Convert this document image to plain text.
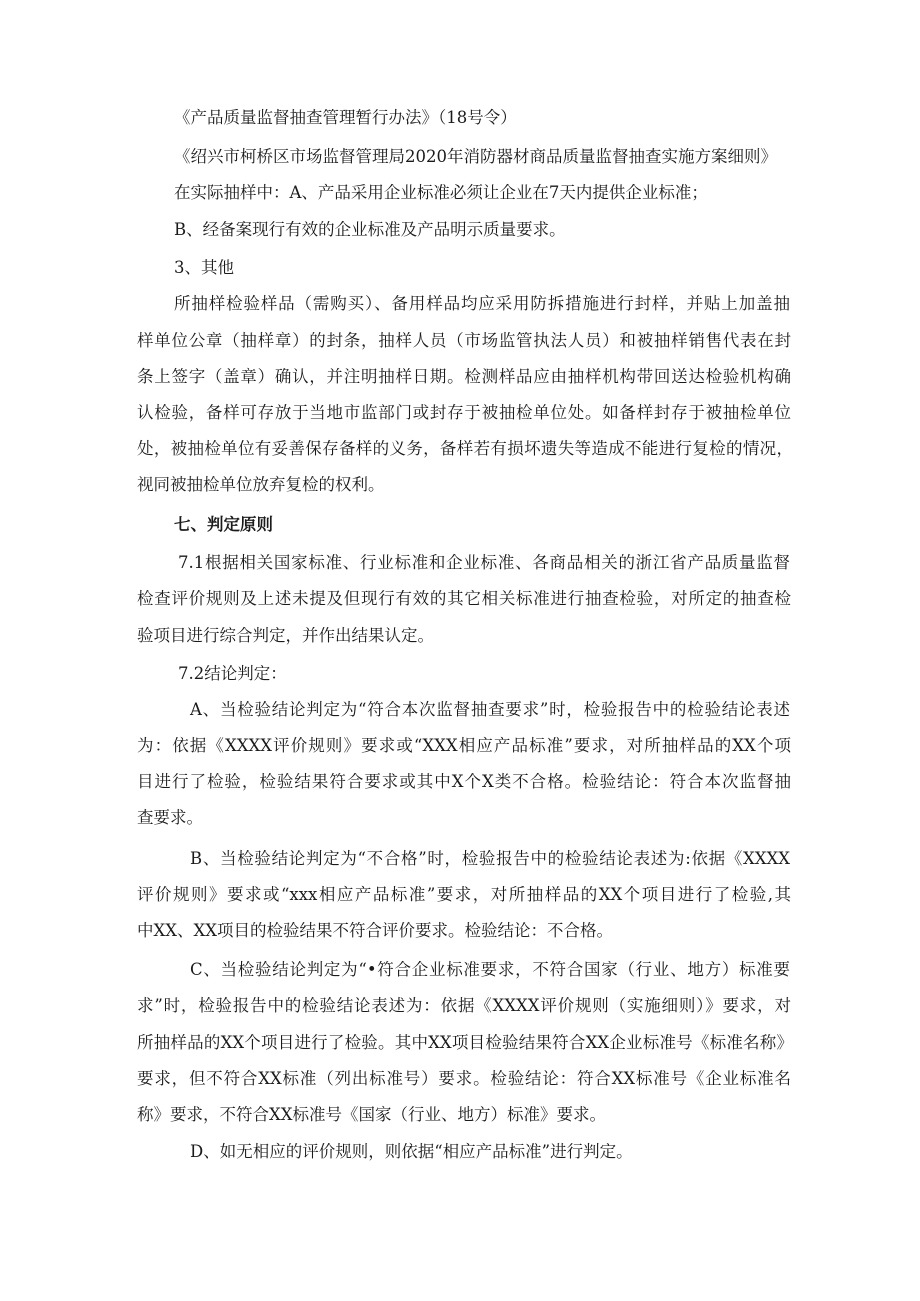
《产品质量监督抽查管理暂行办法》（18号令）
《绍兴市柯桥区市场监督管理局2020年消防器材商品质量监督抽查实施方案细则》
在实际抽样中：A、产品采用企业标准必须让企业在7天内提供企业标准；
B、经备案现行有效的企业标准及产品明示质量要求。
3、其他
所抽样检验样品（需购买）、备用样品均应采用防拆措施进行封样，并贴上加盖抽
样单位公章（抽样章）的封条，抽样人员（市场监管执法人员）和被抽样销售代表在封
条上签字（盖章）确认，并注明抽样日期。检测样品应由抽样机构带回送达检验机构确
认检验，备样可存放于当地市监部门或封存于被抽检单位处。如备样封存于被抽检单位
处，被抽检单位有妥善保存备样的义务，备样若有损坏遗失等造成不能进行复检的情况，
视同被抽检单位放弃复检的权利。
七、判定原则
7.1根据相关国家标准、行业标准和企业标准、各商品相关的浙江省产品质量监督
检查评价规则及上述未提及但现行有效的其它相关标准进行抽查检验，对所定的抽查检
验项目进行综合判定，并作出结果认定。
7.2结论判定：
A、当检验结论判定为“符合本次监督抽查要求”时，检验报告中的检验结论表述
为：依据《XXXX评价规则》要求或“XXX相应产品标准”要求，对所抽样品的XX个项
目进行了检验，检验结果符合要求或其中X个X类不合格。检验结论：符合本次监督抽
查要求。
B、当检验结论判定为“不合格”时，检验报告中的检验结论表述为:依据《XXXX
评价规则》要求或“xxx相应产品标准”要求，对所抽样品的XX个项目进行了检验,其
中XX、XX项目的检验结果不符合评价要求。检验结论：不合格。
C、当检验结论判定为“•符合企业标准要求，不符合国家（行业、地方）标准要
求”时，检验报告中的检验结论表述为：依据《XXXX评价规则（实施细则）》要求，对
所抽样品的XX个项目进行了检验。其中XX项目检验结果符合XX企业标准号《标准名称》
要求，但不符合XX标准（列出标准号）要求。检验结论：符合XX标准号《企业标准名
称》要求，不符合XX标准号《国家（行业、地方）标准》要求。
D、如无相应的评价规则，则依据“相应产品标准”进行判定。
